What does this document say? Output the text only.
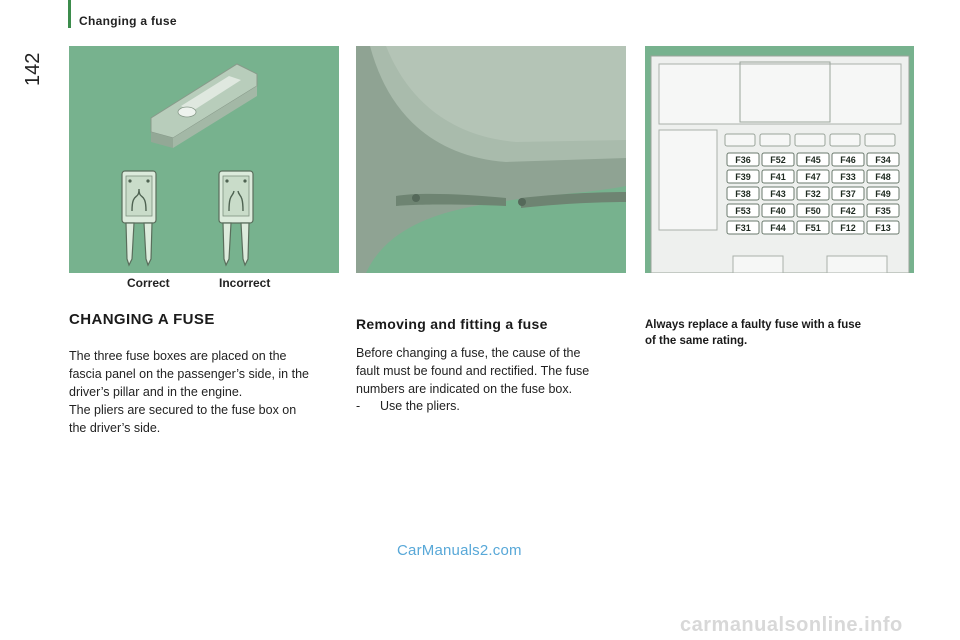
142
Changing a fuse
F36 F52 F45 F46 F34
F39 F41 F47 F33 F48
F38 F43 F32 F37 F49
F53 F40 F50 F42 F35
F31 F44 F51 F12 F13
Correct	Incorrect
CHANGING A FUSE
The three fuse boxes are placed on the
fascia panel on the passenger’s side, in the
driver’s pillar and in the engine.
The pliers are secured to the fuse box on
the driver’s side.
Removing and fitting a fuse
Before changing a fuse, the cause of the
fault must be found and rectified. The fuse
numbers are indicated on the fuse box.
- Use the pliers.
Always replace a faulty fuse with a fuse
of the same rating.
CarManuals2.com
carmanualsonline.info
